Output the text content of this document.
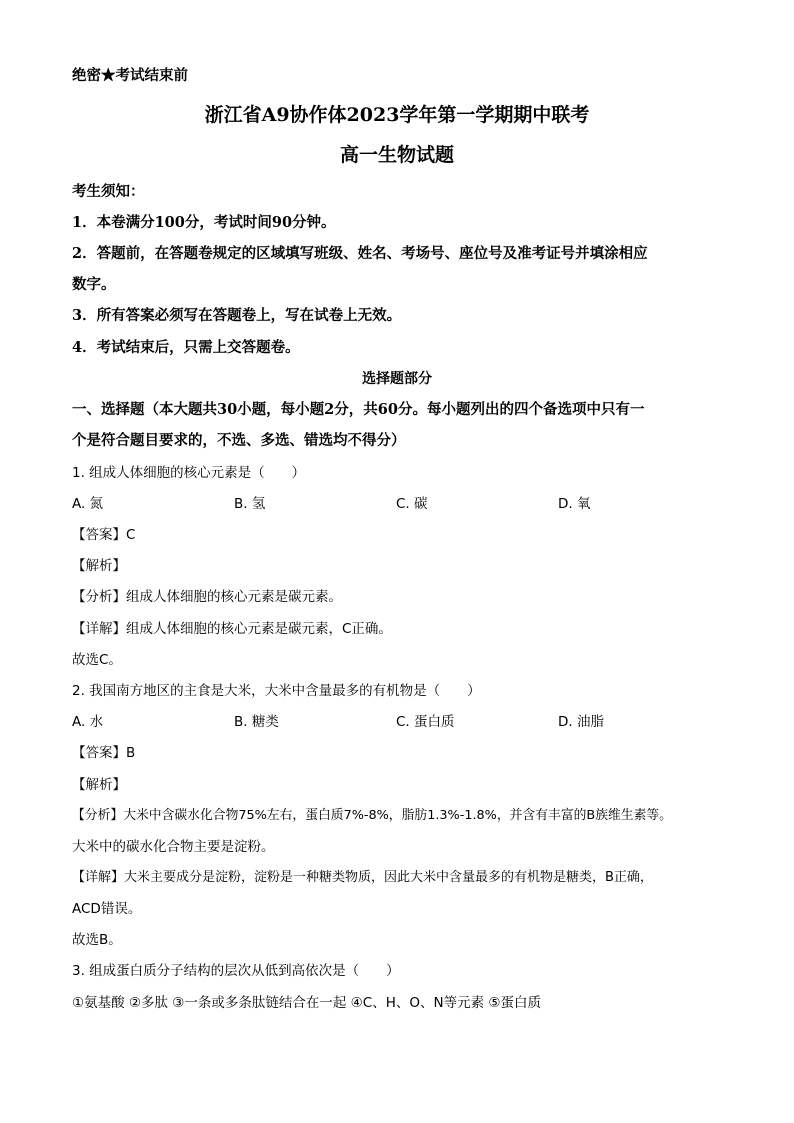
绝密★考试结束前
浙江省A9协作体2023学年第一学期期中联考
高一生物试题
考生须知：
1．本卷满分100分，考试时间90分钟。
2．答题前，在答题卷规定的区域填写班级、姓名、考场号、座位号及准考证号并填涂相应
数字。
3．所有答案必须写在答题卷上，写在试卷上无效。
4．考试结束后，只需上交答题卷。
选择题部分
一、选择题（本大题共30小题，每小题2分，共60分。每小题列出的四个备选项中只有一
个是符合题目要求的，不选、多选、错选均不得分）
1. 组成人体细胞的核心元素是（　　）
A. 氮	B. 氢	C. 碳	D. 氧
【答案】C
【解析】
【分析】组成人体细胞的核心元素是碳元素。
【详解】组成人体细胞的核心元素是碳元素，C正确。
故选C。
2. 我国南方地区的主食是大米，大米中含量最多的有机物是（　　）
A. 水	B. 糖类	C. 蛋白质	D. 油脂
【答案】B
【解析】
【分析】大米中含碳水化合物75%左右，蛋白质7%-8%，脂肪1.3%-1.8%，并含有丰富的B族维生素等。
大米中的碳水化合物主要是淀粉。
【详解】大米主要成分是淀粉，淀粉是一种糖类物质，因此大米中含量最多的有机物是糖类，B正确，
ACD错误。
故选B。
3. 组成蛋白质分子结构的层次从低到高依次是（　　）
①氨基酸 ②多肽 ③一条或多条肽链结合在一起 ④C、H、O、N等元素 ⑤蛋白质
